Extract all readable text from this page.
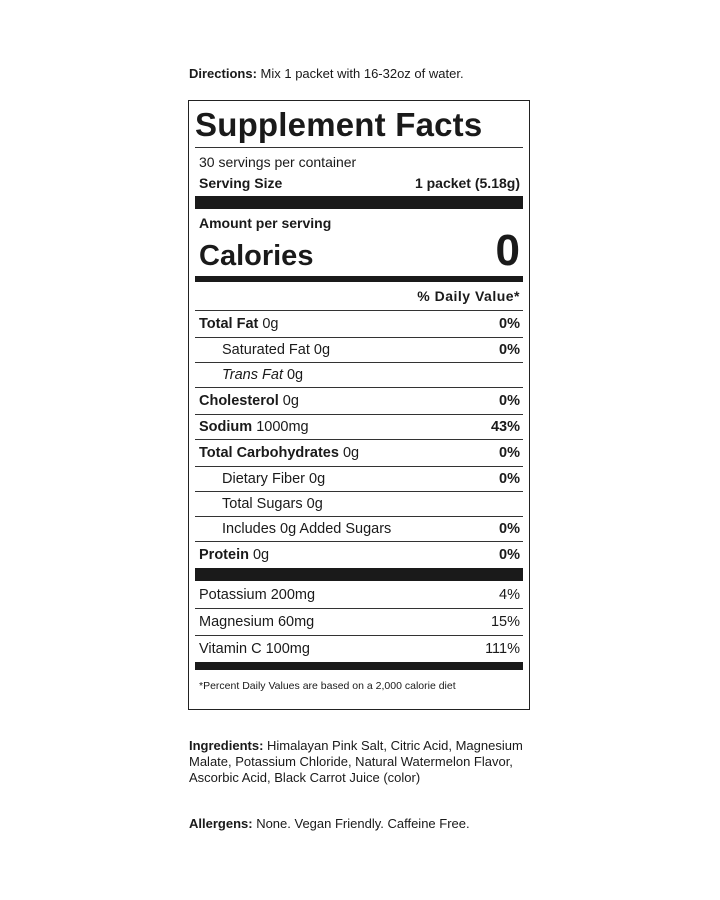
Directions: Mix 1 packet with 16-32oz of water.
Supplement Facts
30 servings per container
Serving Size	1 packet (5.18g)
Amount per serving
Calories	0
% Daily Value*
Total Fat 0g	0%
Saturated Fat 0g	0%
Trans Fat 0g
Cholesterol 0g	0%
Sodium 1000mg	43%
Total Carbohydrates 0g	0%
Dietary Fiber 0g	0%
Total Sugars 0g
Includes 0g Added Sugars	0%
Protein 0g	0%
Potassium 200mg	4%
Magnesium 60mg	15%
Vitamin C 100mg	111%
*Percent Daily Values are based on a 2,000 calorie diet
Ingredients: Himalayan Pink Salt, Citric Acid, Magnesium Malate, Potassium Chloride, Natural Watermelon Flavor, Ascorbic Acid, Black Carrot Juice (color)
Allergens: None. Vegan Friendly. Caffeine Free.
